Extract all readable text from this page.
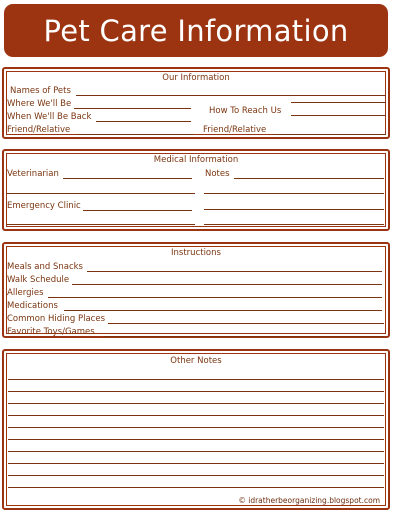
Pet Care Information
Our Information
Names of Pets
Where We'll Be
How To Reach Us
When We'll Be Back
Friend/Relative	Friend/Relative
Medical Information
Veterinarian	Notes
Emergency Clinic
Instructions
Meals and Snacks
Walk Schedule
Allergies
Medications
Common Hiding Places
Favorite Toys/Games
Other Notes
© idratherbeorganizing.blogspot.com
